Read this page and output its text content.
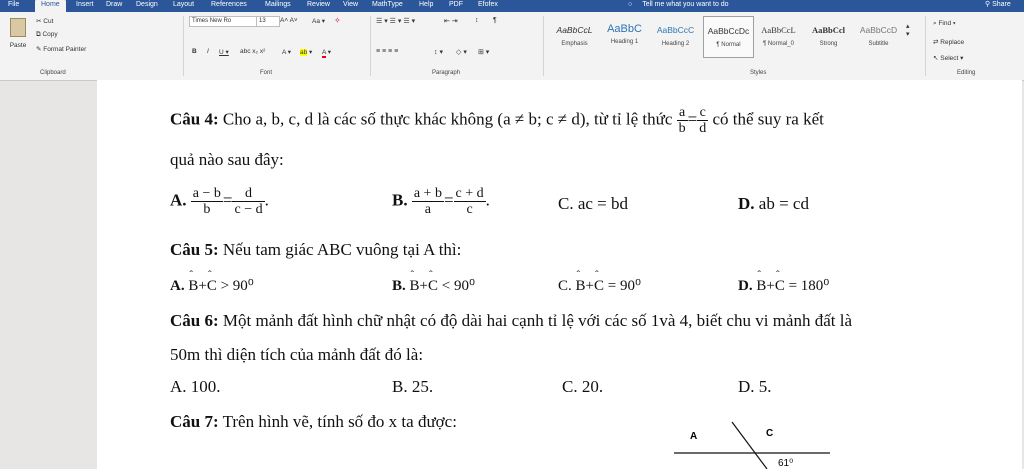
File	Home	Insert Draw Design Layout References	Mailings Review View MathType Help PDF Efofex	○ Tell me what you want to do	⚲ Share
Paste
✂ Cut
⧉ Copy
✎ Format Painter
Clipboard
Times New Ro	13	A˄ A˅ Aa ▾ ✧
B I U ▾ abc x₂ x²	A ▾ ab ▾ A ▾
Font
☰ ▾ ☰ ▾ ☰ ▾	⇤ ⇥ ↕ ¶
≡ ≡ ≡ ≡	↕ ▾ ◇ ▾ ⊞ ▾
Paragraph
AaBbCcL
Emphasis
AaBbC
Heading 1
AaBbCcC
Heading 2
AaBbCcDc
¶ Normal
AaBbCcL
¶ Normal_0
AaBbCcl
Strong
AaBbCcD
Subtitle
▴
▾
Styles
⌕ Find ▾
⇄ Replace
↖ Select ▾
Editing
Câu 4: Cho a, b, c, d là các số thực khác không (a ≠ b; c ≠ d), từ tỉ lệ thức $\frac{a}{b} = \frac{c}{d}$ có thể suy ra kết
quả nào sau đây:
A. $\frac{a - b}{b} = \frac{d}{c - d}$ .	B. $\frac{a + b}{a} = \frac{c + d}{c}$ .	C. ac = bd	D. ab = cd
Câu 5: Nếu tam giác ABC vuông tại A thì:
A. ˆ B+ˆ C > 90⁰	B. ˆ B+ˆ C < 90⁰	C. ˆ B+ˆ C = 90⁰	D. ˆ B+ˆ C = 180⁰
Câu 6: Một mảnh đất hình chữ nhật có độ dài hai cạnh tỉ lệ với các số 1và 4, biết chu vi mảnh đất là
50m thì diện tích của mảnh đất đó là:
A. 100.	B. 25.	C. 20.	D. 5.
Câu 7: Trên hình vẽ, tính số đo x ta được:
A	C
61⁰
